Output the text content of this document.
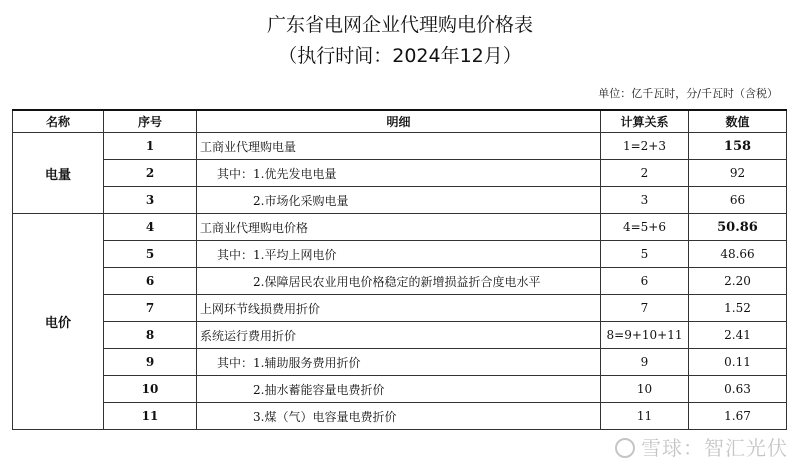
广东省电网企业代理购电价格表
（执行时间：2024年12月）
单位：亿千瓦时，分/千瓦时（含税）
名称	序号	明细	计算关系	数值
电量	1	工商业代理购电量	1=2+3	158
	2	其中：1.优先发电电量	2	92
	3	2.市场化采购电量	3	66
电价	4	工商业代理购电价格	4=5+6	50.86
	5	其中：1.平均上网电价	5	48.66
	6	2.保障居民农业用电价格稳定的新增损益折合度电水平	6	2.20
	7	上网环节线损费用折价	7	1.52
	8	系统运行费用折价	8=9+10+11	2.41
	9	其中：1.辅助服务费用折价	9	0.11
	10	2.抽水蓄能容量电费折价	10	0.63
	11	3.煤（气）电容量电费折价	11	1.67
雪球：智汇光伏
